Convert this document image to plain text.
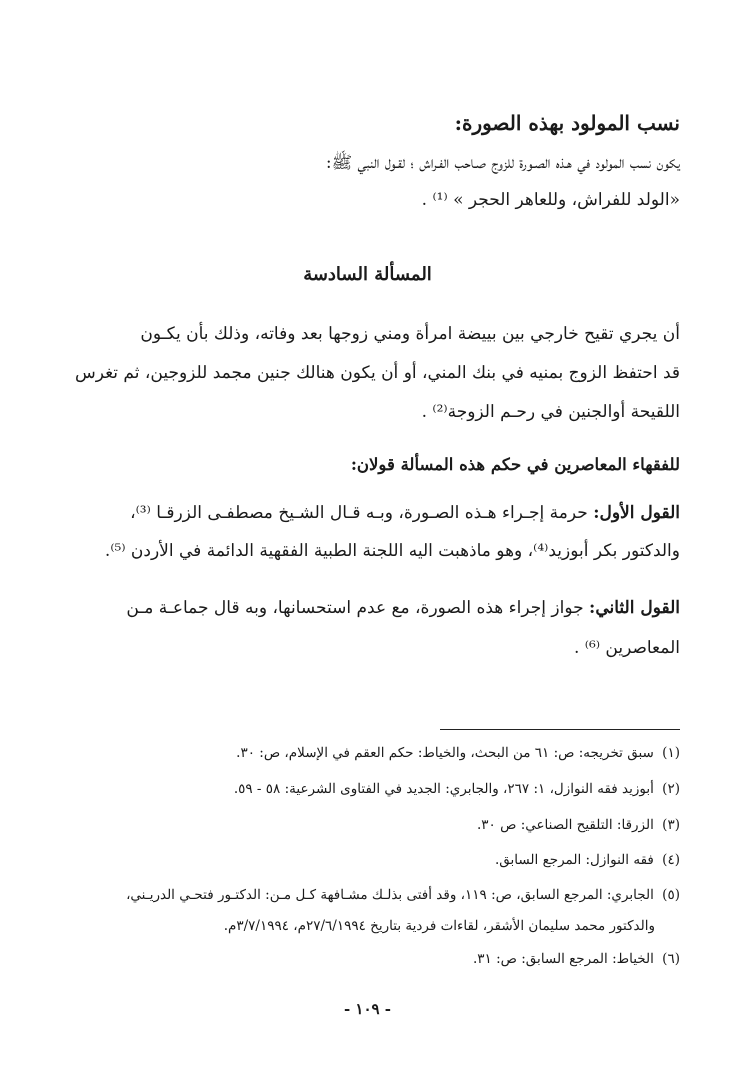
نسب المولود بهذه الصورة:
يكون نسب المولود في هـذه الصـورة للزوج صـاحب الفـراش ؛ لقـول النبي ﷺ:
«الولد للفراش، وللعاهر الحجر » ⁽¹⁾ .
المسألة السادسة
أن يجري تقيح خارجي بين بييضة امرأة ومني زوجها بعد وفاته، وذلك بأن يكـون
قد احتفظ الزوج بمنيه في بنك المني، أو أن يكون هنالك جنين مجمد للزوجين، ثم تغرس
اللقيحة أوالجنين في رحـم الزوجة⁽²⁾ .
للفقهاء المعاصرين في حكم هذه المسألة قولان:
القول الأول: حرمة إجـراء هـذه الصـورة، وبـه قـال الشـيخ مصطفـى الزرقـا ⁽³⁾،
والدكتور بكر أبوزيد⁽⁴⁾، وهو ماذهبت اليه اللجنة الطبية الفقهية الدائمة في الأردن ⁽⁵⁾.
القول الثاني: جواز إجراء هذه الصورة، مع عدم استحسانها، وبه قال جماعـة مـن
المعاصرين ⁽⁶⁾ .
(١) سبق تخريجه: ص: ٦١ من البحث، والخياط: حكم العقم في الإسلام، ص: ٣٠.
(٢) أبوزيد فقه النوازل، ١: ٢٦٧، والجابري: الجديد في الفتاوى الشرعية: ٥٨ - ٥٩.
(٣) الزرقا: التلقيح الصناعي: ص ٣٠.
(٤) فقه النوازل: المرجع السابق.
(٥) الجابري: المرجع السابق، ص: ١١٩، وقد أفتى بذلـك مشـافهة كـل مـن: الدكتـور فتحـي الدريـني،
والدكتور محمد سليمان الأشقر، لقاءات فردية بتاريخ ٢٧/٦/١٩٩٤م، ٣/٧/١٩٩٤م.
(٦) الخياط: المرجع السابق: ص: ٣١.
- ١٠٩ -
